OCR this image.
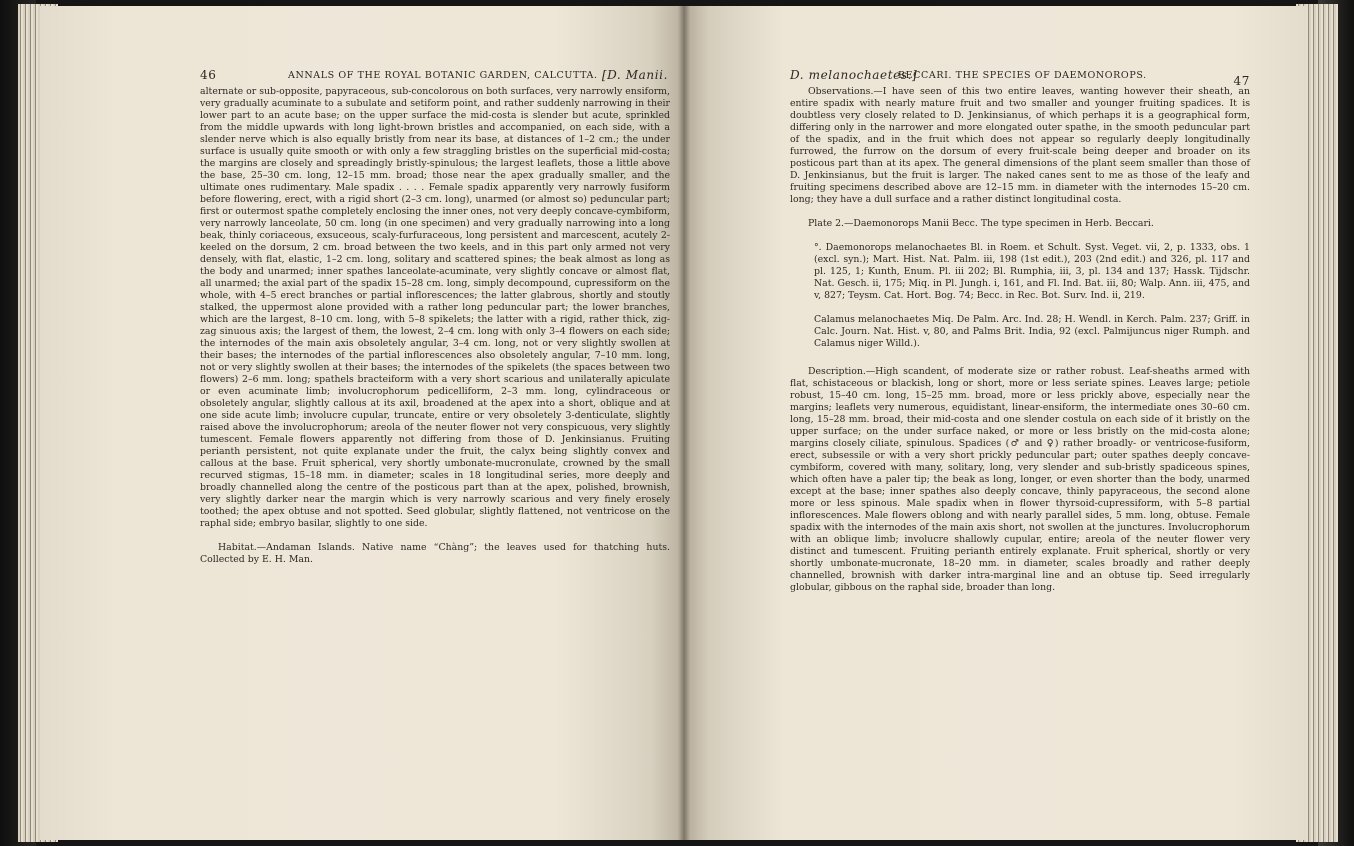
46	ANNALS OF THE ROYAL BOTANIC GARDEN, CALCUTTA. [D. Manii.

alternate or sub-opposite, papyraceous, sub-concolorous on both surfaces, very narrowly ensiform, very gradually acuminate to a subulate and setiform point, and rather suddenly narrowing in their lower part to an acute base; on the upper surface the mid-costa is slender but acute, sprinkled from the middle upwards with long light-brown bristles and accompanied, on each side, with a slender nerve which is also equally bristly from near its base, at distances of 1–2 cm.; the under surface is usually quite smooth or with only a few straggling bristles on the superficial mid-costa; the margins are closely and spreadingly bristly-spinulous; the largest leaflets, those a little above the base, 25–30 cm. long, 12–15 mm. broad; those near the apex gradually smaller, and the ultimate ones rudimentary. Male spadix . . . . Female spadix apparently very narrowly fusiform before flowering, erect, with a rigid short (2–3 cm. long), unarmed (or almost so) peduncular part; first or outermost spathe completely enclosing the inner ones, not very deeply concave-cymbiform, very narrowly lanceolate, 50 cm. long (in one specimen) and very gradually narrowing into a long beak, thinly coriaceous, exsuceous, scaly-furfuraceous, long persistent and marcescent, acutely 2-keeled on the dorsum, 2 cm. broad between the two keels, and in this part only armed not very densely, with flat, elastic, 1–2 cm. long, solitary and scattered spines; the beak almost as long as the body and unarmed; inner spathes lanceolate-acuminate, very slightly concave or almost flat, all unarmed; the axial part of the spadix 15–28 cm. long, simply decompound, cupressiform on the whole, with 4–5 erect branches or partial inflorescences; the latter glabrous, shortly and stoutly stalked, the uppermost alone provided with a rather long peduncular part; the lower branches, which are the largest, 8–10 cm. long, with 5–8 spikelets; the latter with a rigid, rather thick, zig-zag sinuous axis; the largest of them, the lowest, 2–4 cm. long with only 3–4 flowers on each side; the internodes of the main axis obsoletely angular, 3–4 cm. long, not or very slightly swollen at their bases; the internodes of the partial inflorescences also obsoletely angular, 7–10 mm. long, not or very slightly swollen at their bases; the internodes of the spikelets (the spaces between two flowers) 2–6 mm. long; spathels bracteiform with a very short scarious and unilaterally apiculate or even acuminate limb; involucrophorum pedicelliform, 2–3 mm. long, cylindraceous or obsoletely angular, slightly callous at its axil, broadened at the apex into a short, oblique and at one side acute limb; involucre cupular, truncate, entire or very obsoletely 3-denticulate, slightly raised above the involucrophorum; areola of the neuter flower not very conspicuous, very slightly tumescent. Female flowers apparently not differing from those of D. Jenkinsianus. Fruiting perianth persistent, not quite explanate under the fruit, the calyx being slightly convex and callous at the base. Fruit spherical, very shortly umbonate-mucronulate, crowned by the small recurved stigmas, 15–18 mm. in diameter; scales in 18 longitudinal series, more deeply and broadly channelled along the centre of the posticous part than at the apex, polished, brownish, very slightly darker near the margin which is very narrowly scarious and very finely erosely toothed; the apex obtuse and not spotted. Seed globular, slightly flattened, not ventricose on the raphal side; embryo basilar, slightly to one side.

Habitat.—Andaman Islands. Native name “Chàng”; the leaves used for thatching huts. Collected by E. H. Man.

D. melanochaetes.]
BECCARI. THE SPECIES OF DAEMONOROPS.	47

Observations.—I have seen of this two entire leaves, wanting however their sheath, an entire spadix with nearly mature fruit and two smaller and younger fruiting spadices. It is doubtless very closely related to D. Jenkinsianus, of which perhaps it is a geographical form, differing only in the narrower and more elongated outer spathe, in the smooth peduncular part of the spadix, and in the fruit which does not appear so regularly deeply longitudinally furrowed, the furrow on the dorsum of every fruit-scale being deeper and broader on its posticous part than at its apex. The general dimensions of the plant seem smaller than those of D. Jenkinsianus, but the fruit is larger. The naked canes sent to me as those of the leafy and fruiting specimens described above are 12–15 mm. in diameter with the internodes 15–20 cm. long; they have a dull surface and a rather distinct longitudinal costa.

Plate 2.—Daemonorops Manii Becc. The type specimen in Herb. Beccari.

°. Daemonorops melanochaetes Bl. in Roem. et Schult. Syst. Veget. vii, 2, p. 1333, obs. 1 (excl. syn.); Mart. Hist. Nat. Palm. iii, 198 (1st edit.), 203 (2nd edit.) and 326, pl. 117 and pl. 125, 1; Kunth, Enum. Pl. iii 202; Bl. Rumphia, iii, 3, pl. 134 and 137; Hassk. Tijdschr. Nat. Gesch. ii, 175; Miq. in Pl. Jungh. i, 161, and Fl. Ind. Bat. iii, 80; Walp. Ann. iii, 475, and v, 827; Teysm. Cat. Hort. Bog. 74; Becc. in Rec. Bot. Surv. Ind. ii, 219.

Calamus melanochaetes Miq. De Palm. Arc. Ind. 28; H. Wendl. in Kerch. Palm. 237; Griff. in Calc. Journ. Nat. Hist. v, 80, and Palms Brit. India, 92 (excl. Palmijuncus niger Rumph. and Calamus niger Willd.).

Description.—High scandent, of moderate size or rather robust. Leaf-sheaths armed with flat, schistaceous or blackish, long or short, more or less seriate spines. Leaves large; petiole robust, 15–40 cm. long, 15–25 mm. broad, more or less prickly above, especially near the margins; leaflets very numerous, equidistant, linear-ensiform, the intermediate ones 30–60 cm. long, 15–28 mm. broad, their mid-costa and one slender costula on each side of it bristly on the upper surface; on the under surface naked, or more or less bristly on the mid-costa alone; margins closely ciliate, spinulous. Spadices (♂ and ♀) rather broadly- or ventricose-fusiform, erect, subsessile or with a very short prickly peduncular part; outer spathes deeply concave-cymbiform, covered with many, solitary, long, very slender and sub-bristly spadiceous spines, which often have a paler tip; the beak as long, longer, or even shorter than the body, unarmed except at the base; inner spathes also deeply concave, thinly papyraceous, the second alone more or less spinous. Male spadix when in flower thyrsoid-cupressiform, with 5–8 partial inflorescences. Male flowers oblong and with nearly parallel sides, 5 mm. long, obtuse. Female spadix with the internodes of the main axis short, not swollen at the junctures. Involucrophorum with an oblique limb; involucre shallowly cupular, entire; areola of the neuter flower very distinct and tumescent. Fruiting perianth entirely explanate. Fruit spherical, shortly or very shortly umbonate-mucronate, 18–20 mm. in diameter, scales broadly and rather deeply channelled, brownish with darker intra-marginal line and an obtuse tip. Seed irregularly globular, gibbous on the raphal side, broader than long.
